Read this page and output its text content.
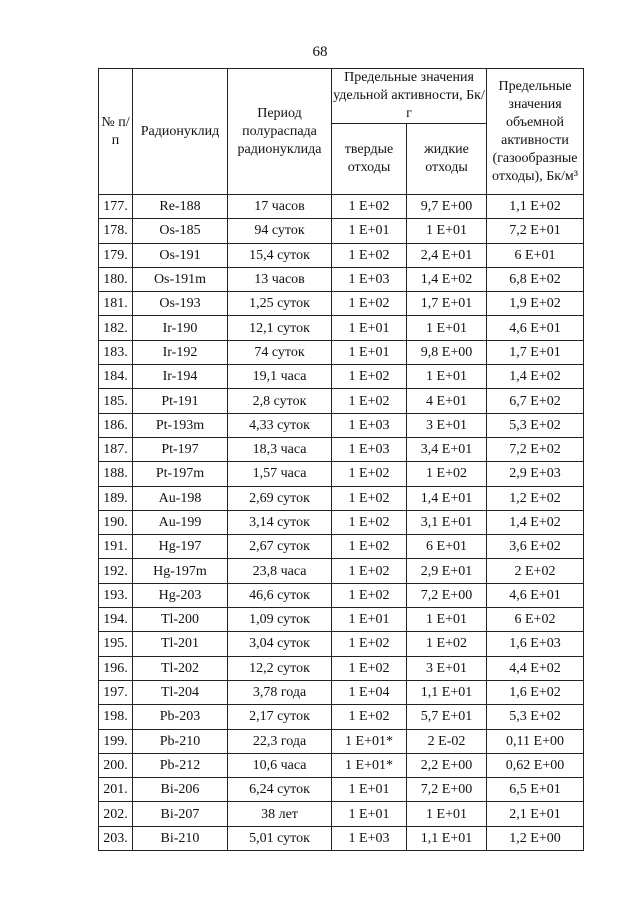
68
№ п/п	Радионуклид	Период полураспада радионуклида	Предельные значения удельной активности, Бк/г		Предельные значения объемной активности (газообразные отходы), Бк/м³
			твердые отходы	жидкие отходы	
177.	Re-188	17 часов	1 Е+02	9,7 Е+00	1,1 Е+02
178.	Os-185	94 суток	1 Е+01	1 Е+01	7,2 Е+01
179.	Os-191	15,4 суток	1 Е+02	2,4 Е+01	6 Е+01
180.	Os-191m	13 часов	1 Е+03	1,4 Е+02	6,8 Е+02
181.	Os-193	1,25 суток	1 Е+02	1,7 Е+01	1,9 Е+02
182.	Ir-190	12,1 суток	1 Е+01	1 Е+01	4,6 Е+01
183.	Ir-192	74 суток	1 Е+01	9,8 Е+00	1,7 Е+01
184.	Ir-194	19,1 часа	1 Е+02	1 Е+01	1,4 Е+02
185.	Pt-191	2,8 суток	1 Е+02	4 Е+01	6,7 Е+02
186.	Pt-193m	4,33 суток	1 Е+03	3 Е+01	5,3 Е+02
187.	Pt-197	18,3 часа	1 Е+03	3,4 Е+01	7,2 Е+02
188.	Pt-197m	1,57 часа	1 Е+02	1 Е+02	2,9 Е+03
189.	Au-198	2,69 суток	1 Е+02	1,4 Е+01	1,2 Е+02
190.	Au-199	3,14 суток	1 Е+02	3,1 Е+01	1,4 Е+02
191.	Hg-197	2,67 суток	1 Е+02	6 Е+01	3,6 Е+02
192.	Hg-197m	23,8 часа	1 Е+02	2,9 Е+01	2 Е+02
193.	Hg-203	46,6 суток	1 Е+02	7,2 Е+00	4,6 Е+01
194.	Tl-200	1,09 суток	1 Е+01	1 Е+01	6 Е+02
195.	Tl-201	3,04 суток	1 Е+02	1 Е+02	1,6 Е+03
196.	Tl-202	12,2 суток	1 Е+02	3 Е+01	4,4 Е+02
197.	Tl-204	3,78 года	1 Е+04	1,1 Е+01	1,6 Е+02
198.	Pb-203	2,17 суток	1 Е+02	5,7 Е+01	5,3 Е+02
199.	Pb-210	22,3 года	1 Е+01*	2 Е-02	0,11 Е+00
200.	Pb-212	10,6 часа	1 Е+01*	2,2 Е+00	0,62 Е+00
201.	Bi-206	6,24 суток	1 Е+01	7,2 Е+00	6,5 Е+01
202.	Bi-207	38 лет	1 Е+01	1 Е+01	2,1 Е+01
203.	Bi-210	5,01 суток	1 Е+03	1,1 Е+01	1,2 Е+00
